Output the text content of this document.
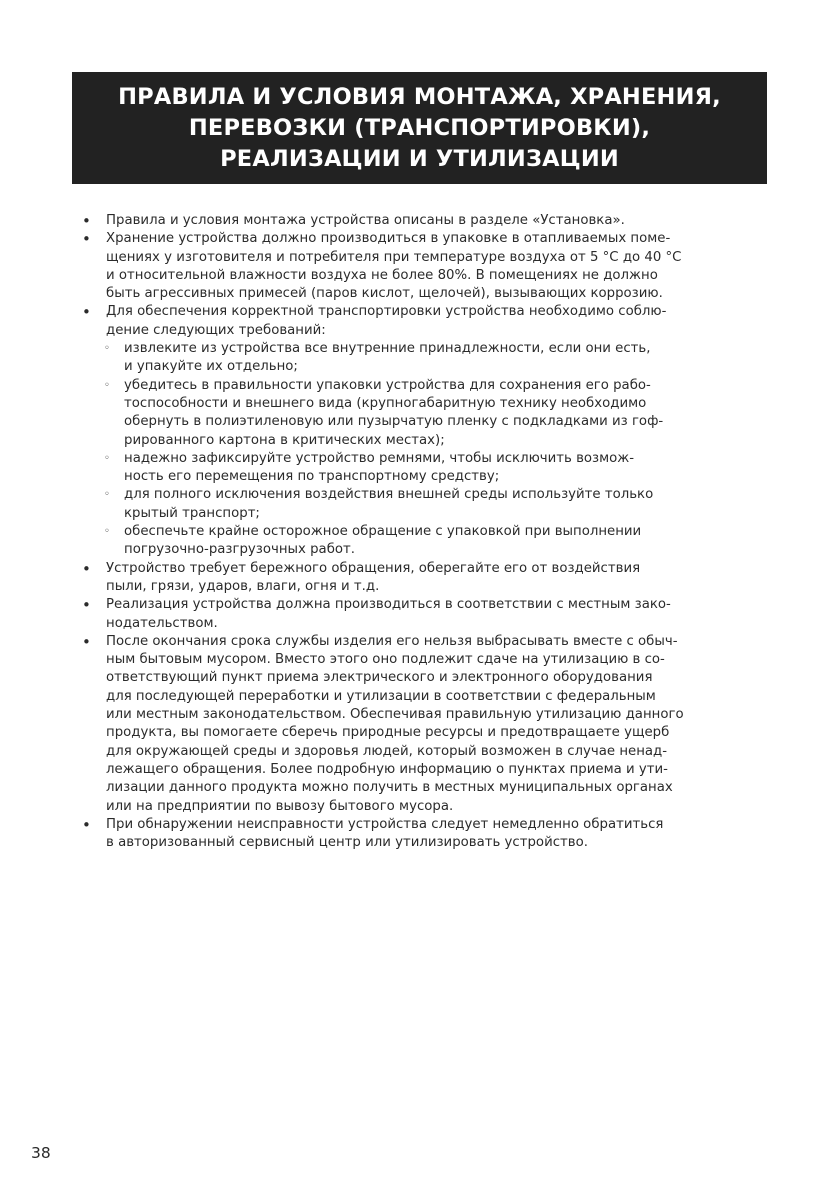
ПРАВИЛА И УСЛОВИЯ МОНТАЖА, ХРАНЕНИЯ,
ПЕРЕВОЗКИ (ТРАНСПОРТИРОВКИ),
РЕАЛИЗАЦИИ И УТИЛИЗАЦИИ
• Правила и условия монтажа устройства описаны в разделе «Установка».
• Хранение устройства должно производиться в упаковке в отапливаемых поме-
щениях у изготовителя и потребителя при температуре воздуха от 5 °С до 40 °С
и относительной влажности воздуха не более 80%. В помещениях не должно
быть агрессивных примесей (паров кислот, щелочей), вызывающих коррозию.
• Для обеспечения корректной транспортировки устройства необходимо соблю-
дение следующих требований:
◦ извлеките из устройства все внутренние принадлежности, если они есть,
и упакуйте их отдельно;
◦ убедитесь в правильности упаковки устройства для сохранения его рабо-
тоспособности и внешнего вида (крупногабаритную технику необходимо
обернуть в полиэтиленовую или пузырчатую пленку с подкладками из гоф-
рированного картона в критических местах);
◦ надежно зафиксируйте устройство ремнями, чтобы исключить возмож-
ность его перемещения по транспортному средству;
◦ для полного исключения воздействия внешней среды используйте только
крытый транспорт;
◦ обеспечьте крайне осторожное обращение с упаковкой при выполнении
погрузочно-разгрузочных работ.
• Устройство требует бережного обращения, оберегайте его от воздействия
пыли, грязи, ударов, влаги, огня и т.д.
• Реализация устройства должна производиться в соответствии с местным зако-
нодательством.
• После окончания срока службы изделия его нельзя выбрасывать вместе с обыч-
ным бытовым мусором. Вместо этого оно подлежит сдаче на утилизацию в со-
ответствующий пункт приема электрического и электронного оборудования
для последующей переработки и утилизации в соответствии с федеральным
или местным законодательством. Обеспечивая правильную утилизацию данного
продукта, вы помогаете сберечь природные ресурсы и предотвращаете ущерб
для окружающей среды и здоровья людей, который возможен в случае ненад-
лежащего обращения. Более подробную информацию о пунктах приема и ути-
лизации данного продукта можно получить в местных муниципальных органах
или на предприятии по вывозу бытового мусора.
• При обнаружении неисправности устройства следует немедленно обратиться
в авторизованный сервисный центр или утилизировать устройство.
38
